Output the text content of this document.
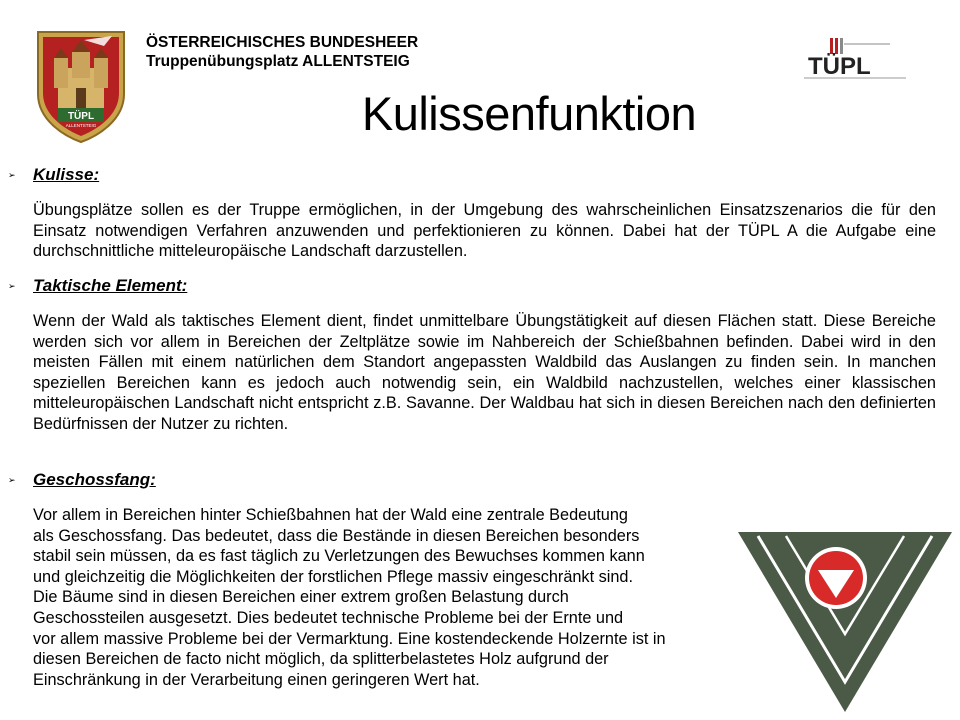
TÜPL
ALLENTSTEIG
ÖSTERREICHISCHES BUNDESHEER
Truppenübungsplatz ALLENTSTEIG	TÜPL
Kulissenfunktion
➢ Kulisse:
Übungsplätze sollen es der Truppe ermöglichen, in der Umgebung des wahrscheinlichen Einsatzszenarios die für den Einsatz notwendigen Verfahren anzuwenden und perfektionieren zu können. Dabei hat der TÜPL A die Aufgabe eine durchschnittliche mitteleuropäische Landschaft darzustellen.
➢ Taktische Element:
Wenn der Wald als taktisches Element dient, findet unmittelbare Übungstätigkeit auf diesen Flächen statt. Diese Bereiche werden sich vor allem in Bereichen der Zeltplätze sowie im Nahbereich der Schießbahnen befinden. Dabei wird in den meisten Fällen mit einem natürlichen dem Standort angepassten Waldbild das Auslangen zu finden sein. In manchen speziellen Bereichen kann es jedoch auch notwendig sein, ein Waldbild nachzustellen, welches einer klassischen mitteleuropäischen Landschaft nicht entspricht z.B. Savanne. Der Waldbau hat sich in diesen Bereichen nach den definierten Bedürfnissen der Nutzer zu richten.
➢ Geschossfang:
Vor allem in Bereichen hinter Schießbahnen hat der Wald eine zentrale Bedeutung
als Geschossfang. Das bedeutet, dass die Bestände in diesen Bereichen besonders
stabil sein müssen, da es fast täglich zu Verletzungen des Bewuchses kommen kann
und gleichzeitig die Möglichkeiten der forstlichen Pflege massiv eingeschränkt sind.
Die Bäume sind in diesen Bereichen einer extrem großen Belastung durch
Geschossteilen ausgesetzt. Dies bedeutet technische Probleme bei der Ernte und
vor allem massive Probleme bei der Vermarktung. Eine kostendeckende Holzernte ist in
diesen Bereichen de facto nicht möglich, da splitterbelastetes Holz aufgrund der
Einschränkung in der Verarbeitung einen geringeren Wert hat.
